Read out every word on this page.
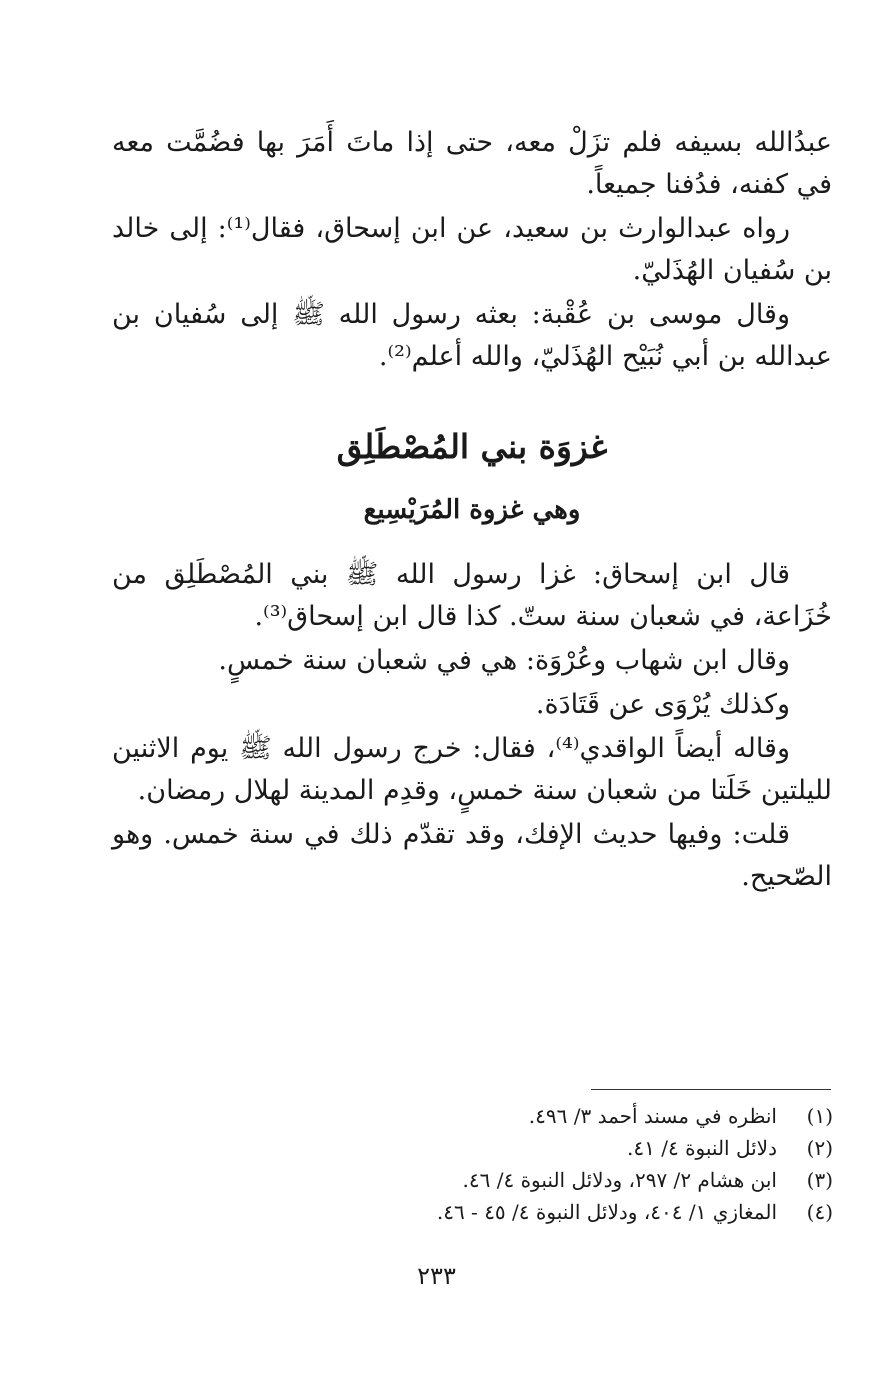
عبدُالله بسيفه فلم تزَلْ معه، حتى إذا ماتَ أَمَرَ بها فضُمَّت معه في كفنه، فدُفنا جميعاً.

رواه عبدالوارث بن سعيد، عن ابن إسحاق، فقال⁽¹⁾: إلى خالد بن سُفيان الهُذَليّ.

وقال موسى بن عُقْبة: بعثه رسول الله ﷺ إلى سُفيان بن عبدالله بن أبي نُبَيْح الهُذَليّ، والله أعلم⁽²⁾.

غزوَة بني المُصْطَلِق
وهي غزوة المُرَيْسِيع

قال ابن إسحاق: غزا رسول الله ﷺ بني المُصْطَلِق من خُزَاعة، في شعبان سنة ستّ. كذا قال ابن إسحاق⁽³⁾.

وقال ابن شهاب وعُرْوَة: هي في شعبان سنة خمسٍ.

وكذلك يُرْوَى عن قَتَادَة.

وقاله أيضاً الواقدي⁽⁴⁾، فقال: خرج رسول الله ﷺ يوم الاثنين لليلتين خَلَتا من شعبان سنة خمسٍ، وقدِم المدينة لهلال رمضان.

قلت: وفيها حديث الإفك، وقد تقدّم ذلك في سنة خمس. وهو الصّحيح.

(١)
انظره في مسند أحمد ٣/ ٤٩٦.
(٢)
دلائل النبوة ٤/ ٤١.
(٣)
ابن هشام ٢/ ٢٩٧، ودلائل النبوة ٤/ ٤٦.
(٤)
المغازي ١/ ٤٠٤، ودلائل النبوة ٤/ ٤٥ - ٤٦.
٢٣٣
